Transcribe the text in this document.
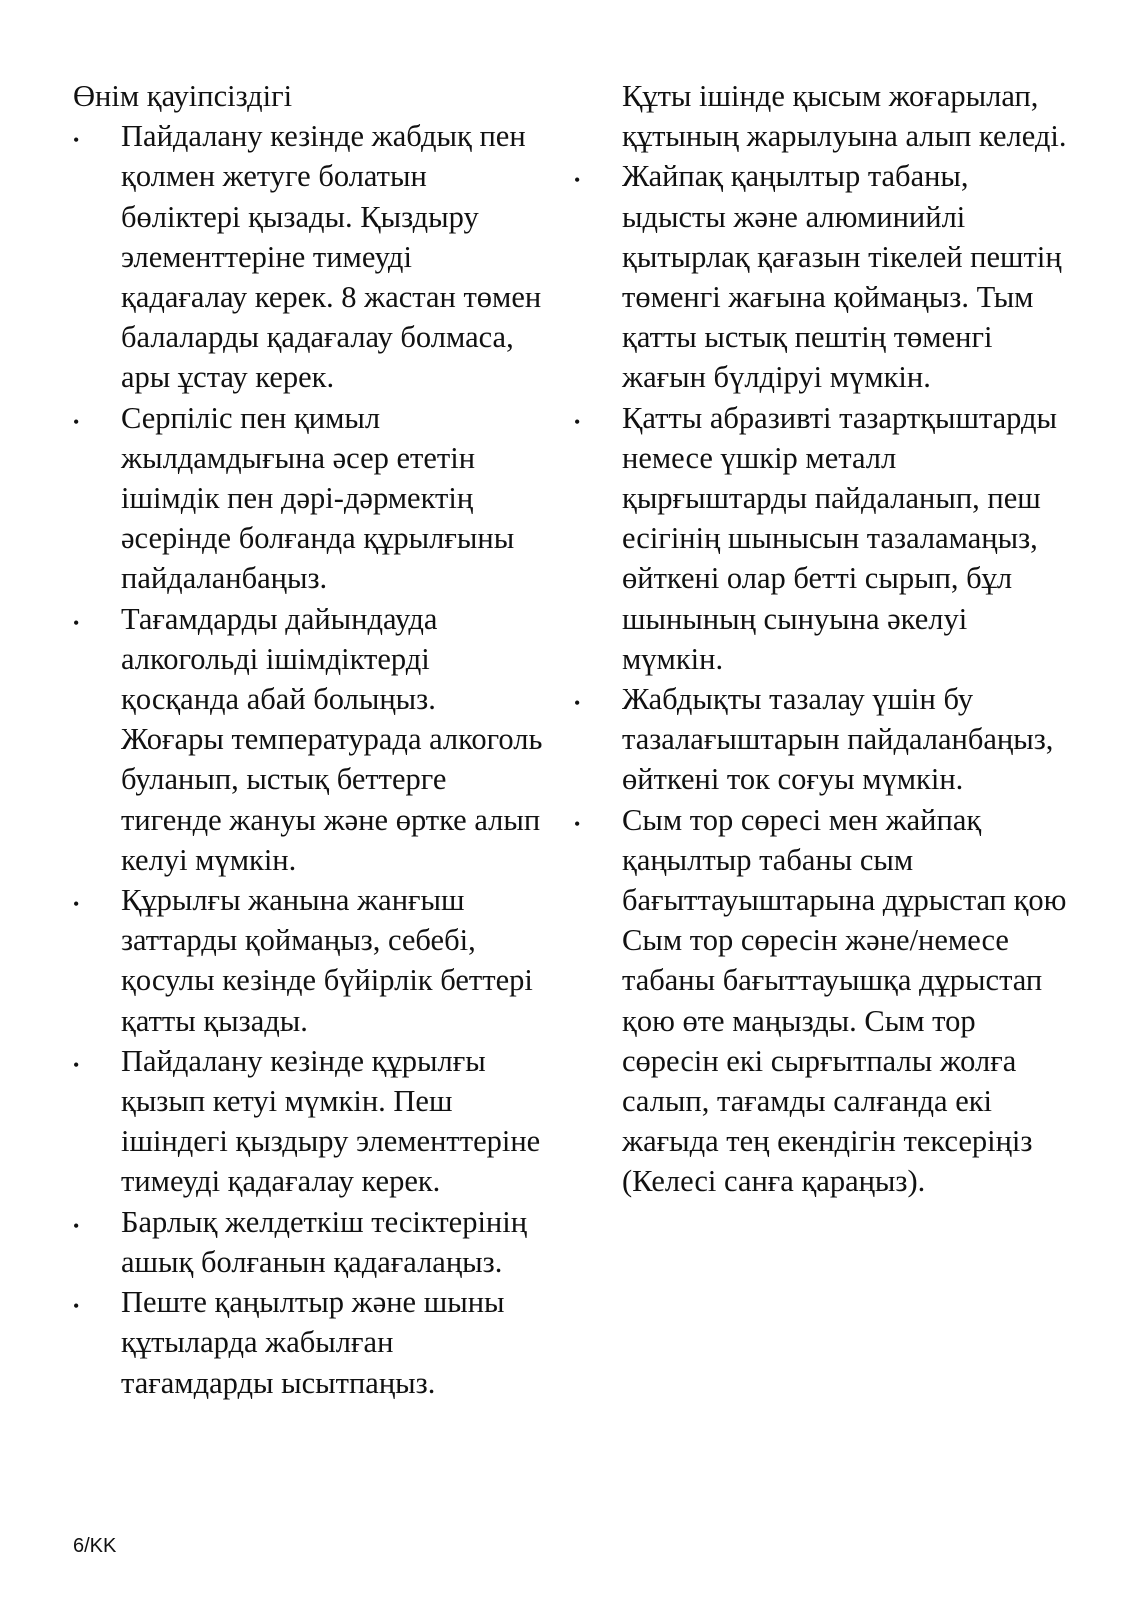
Өнім қауіпсіздігі

• Пайдалану кезінде жабдық пен қолмен жетуге болатын бөліктері қызады. Қыздыру элементтеріне тимеуді қадағалау керек. 8 жастан төмен балаларды қадағалау болмаса, ары ұстау керек.
• Серпіліс пен қимыл жылдамдығына әсер ететін ішімдік пен дәрі-дәрмектің әсерінде болғанда құрылғыны пайдаланбаңыз.
• Тағамдарды дайындауда алкогольді ішімдіктерді қосқанда абай болыңыз. Жоғары температурада алкоголь буланып, ыстық беттерге тигенде жануы және өртке алып келуі мүмкін.
• Құрылғы жанына жанғыш заттарды қоймаңыз, себебі, қосулы кезінде бүйірлік беттері қатты қызады.
• Пайдалану кезінде құрылғы қызып кетуі мүмкін. Пеш ішіндегі қыздыру элементтеріне тимеуді қадағалау керек.
• Барлық желдеткіш тесіктерінің ашық болғанын қадағалаңыз.
• Пеште қаңылтыр және шыны құтыларда жабылған тағамдарды ысытпаңыз.
Құты ішінде қысым жоғарылап, құтының жарылуына алып келеді.
• Жайпақ қаңылтыр табаны, ыдысты және алюминийлі қытырлақ қағазын тікелей пештің төменгі жағына қоймаңыз. Тым қатты ыстық пештің төменгі жағын бүлдіруі мүмкін.
• Қатты абразивті тазартқыштарды немесе үшкір металл қырғыштарды пайдаланып, пеш есігінің шынысын тазаламаңыз, өйткені олар бетті сырып, бұл шынының сынуына әкелуі мүмкін.
• Жабдықты тазалау үшін бу тазалағыштарын пайдаланбаңыз, өйткені ток соғуы мүмкін.
• Сым тор сөресі мен жайпақ қаңылтыр табаны сым бағыттауыштарына дұрыстап қою
Сым тор сөресін және/немесе табаны бағыттауышқа дұрыстап қою өте маңызды. Сым тор сөресін екі сырғытпалы жолға салып, тағамды салғанда екі жағыда тең екендігін тексеріңіз (Келесі санға қараңыз).
6/KK
